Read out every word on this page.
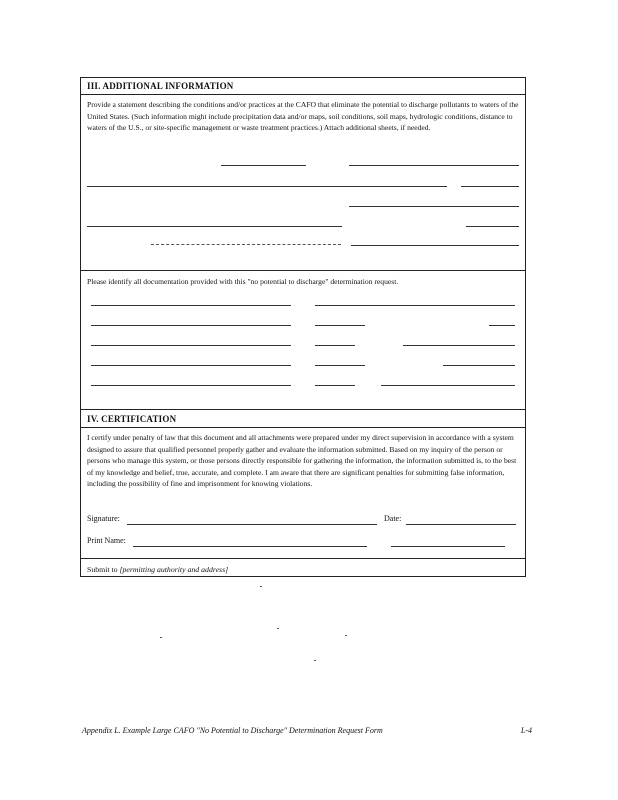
III. ADDITIONAL INFORMATION
Provide a statement describing the conditions and/or practices at the CAFO that eliminate the potential to discharge pollutants to waters of the United States. (Such information might include precipitation data and/or maps, soil conditions, soil maps, hydrologic conditions, distance to waters of the U.S., or site-specific management or waste treatment practices.) Attach additional sheets, if needed.
Please identify all documentation provided with this "no potential to discharge" determination request.
IV. CERTIFICATION
I certify under penalty of law that this document and all attachments were prepared under my direct supervision in accordance with a system designed to assure that qualified personnel properly gather and evaluate the information submitted. Based on my inquiry of the person or persons who manage this system, or those persons directly responsible for gathering the information, the information submitted is, to the best of my knowledge and belief, true, accurate, and complete. I am aware that there are significant penalties for submitting false information, including the possibility of fine and imprisonment for knowing violations.
Signature:	Date:
Print Name:
Submit to [permitting authority and address]
Appendix L. Example Large CAFO "No Potential to Discharge" Determination Request Form	L-4
